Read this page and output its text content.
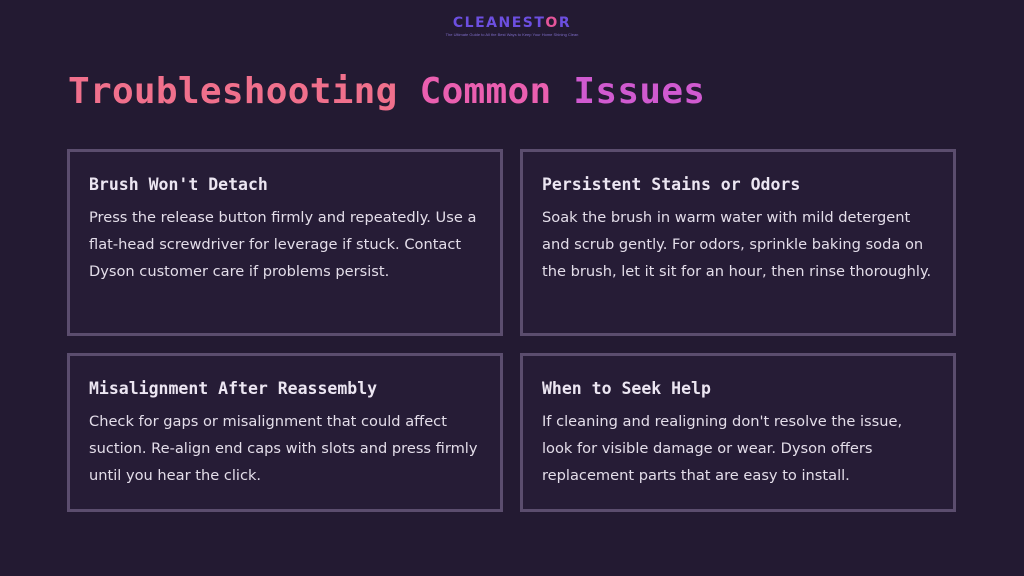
CLEANESTOR
The Ultimate Guide to All the Best Ways to Keep Your Home Shining Clean
Troubleshooting Common Issues
Brush Won't Detach
Press the release button firmly and repeatedly. Use a flat-head screwdriver for leverage if stuck. Contact Dyson customer care if problems persist.
Persistent Stains or Odors
Soak the brush in warm water with mild detergent and scrub gently. For odors, sprinkle baking soda on the brush, let it sit for an hour, then rinse thoroughly.
Misalignment After Reassembly
Check for gaps or misalignment that could affect suction. Re-align end caps with slots and press firmly until you hear the click.
When to Seek Help
If cleaning and realigning don't resolve the issue, look for visible damage or wear. Dyson offers replacement parts that are easy to install.
